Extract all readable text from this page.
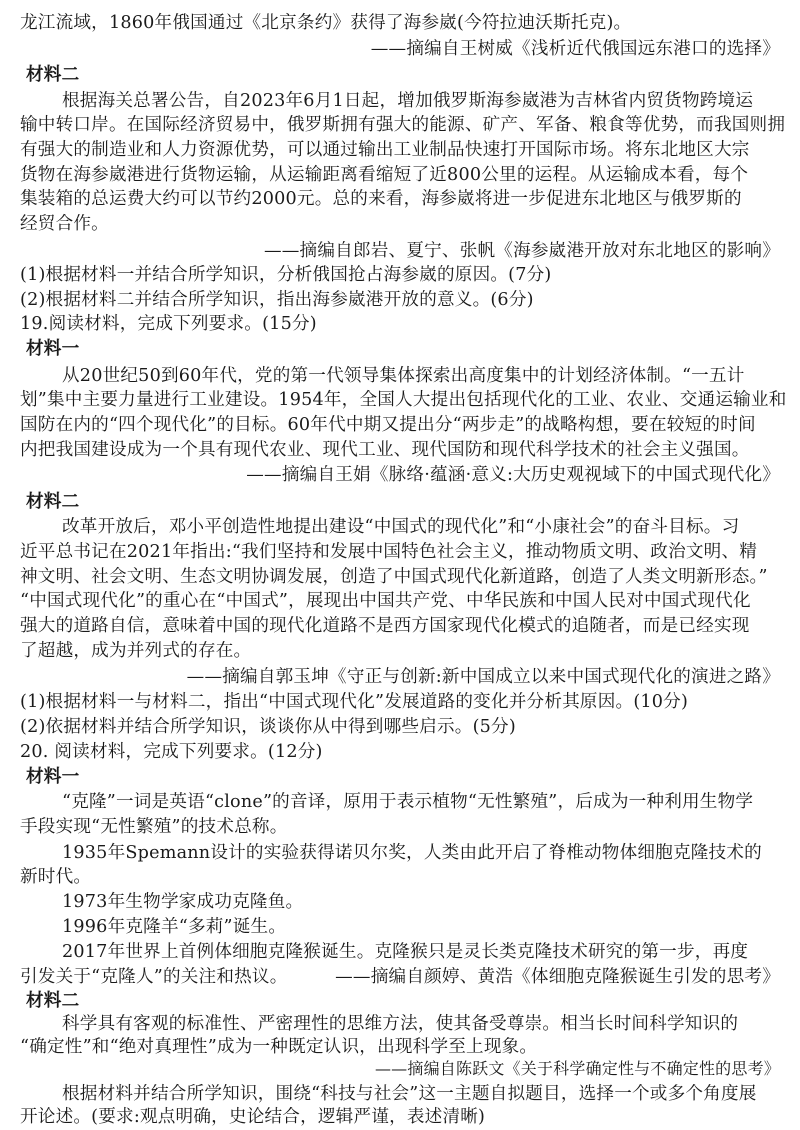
龙江流域，1860年俄国通过《北京条约》获得了海参崴(今符拉迪沃斯托克)。
——摘编自王树威《浅析近代俄国远东港口的选择》
材料二
根据海关总署公告，自2023年6月1日起，增加俄罗斯海参崴港为吉林省内贸货物跨境运
输中转口岸。在国际经济贸易中，俄罗斯拥有强大的能源、矿产、军备、粮食等优势，而我国则拥
有强大的制造业和人力资源优势，可以通过输出工业制品快速打开国际市场。将东北地区大宗
货物在海参崴港进行货物运输，从运输距离看缩短了近800公里的运程。从运输成本看，每个
集装箱的总运费大约可以节约2000元。总的来看，海参崴将进一步促进东北地区与俄罗斯的
经贸合作。
——摘编自郎岩、夏宁、张帆《海参崴港开放对东北地区的影响》
(1)根据材料一并结合所学知识，分析俄国抢占海参崴的原因。(7分)
(2)根据材料二并结合所学知识，指出海参崴港开放的意义。(6分)
19.阅读材料，完成下列要求。(15分)
材料一
从20世纪50到60年代，党的第一代领导集体探索出高度集中的计划经济体制。“一五计
划”集中主要力量进行工业建设。1954年，全国人大提出包括现代化的工业、农业、交通运输业和
国防在内的“四个现代化”的目标。60年代中期又提出分“两步走”的战略构想，要在较短的时间
内把我国建设成为一个具有现代农业、现代工业、现代国防和现代科学技术的社会主义强国。
——摘编自王娟《脉络·蕴涵·意义:大历史观视域下的中国式现代化》
材料二
改革开放后，邓小平创造性地提出建设“中国式的现代化”和“小康社会”的奋斗目标。习
近平总书记在2021年指出:“我们坚持和发展中国特色社会主义，推动物质文明、政治文明、精
神文明、社会文明、生态文明协调发展，创造了中国式现代化新道路，创造了人类文明新形态。”
“中国式现代化”的重心在“中国式”，展现出中国共产党、中华民族和中国人民对中国式现代化
强大的道路自信，意味着中国的现代化道路不是西方国家现代化模式的追随者，而是已经实现
了超越，成为并列式的存在。
——摘编自郭玉坤《守正与创新:新中国成立以来中国式现代化的演进之路》
(1)根据材料一与材料二，指出“中国式现代化”发展道路的变化并分析其原因。(10分)
(2)依据材料并结合所学知识，谈谈你从中得到哪些启示。(5分)
20. 阅读材料，完成下列要求。(12分)
材料一
“克隆”一词是英语“clone”的音译，原用于表示植物“无性繁殖”，后成为一种利用生物学
手段实现“无性繁殖”的技术总称。
1935年Spemann设计的实验获得诺贝尔奖，人类由此开启了脊椎动物体细胞克隆技术的
新时代。
1973年生物学家成功克隆鱼。
1996年克隆羊“多莉”诞生。
2017年世界上首例体细胞克隆猴诞生。克隆猴只是灵长类克隆技术研究的第一步，再度
引发关于“克隆人”的关注和热议。	——摘编自颜婷、黄浩《体细胞克隆猴诞生引发的思考》
材料二
科学具有客观的标准性、严密理性的思维方法，使其备受尊崇。相当长时间科学知识的
“确定性”和“绝对真理性”成为一种既定认识，出现科学至上现象。
——摘编自陈跃文《关于科学确定性与不确定性的思考》
根据材料并结合所学知识，围绕“科技与社会”这一主题自拟题目，选择一个或多个角度展
开论述。(要求:观点明确，史论结合，逻辑严谨，表述清晰)
